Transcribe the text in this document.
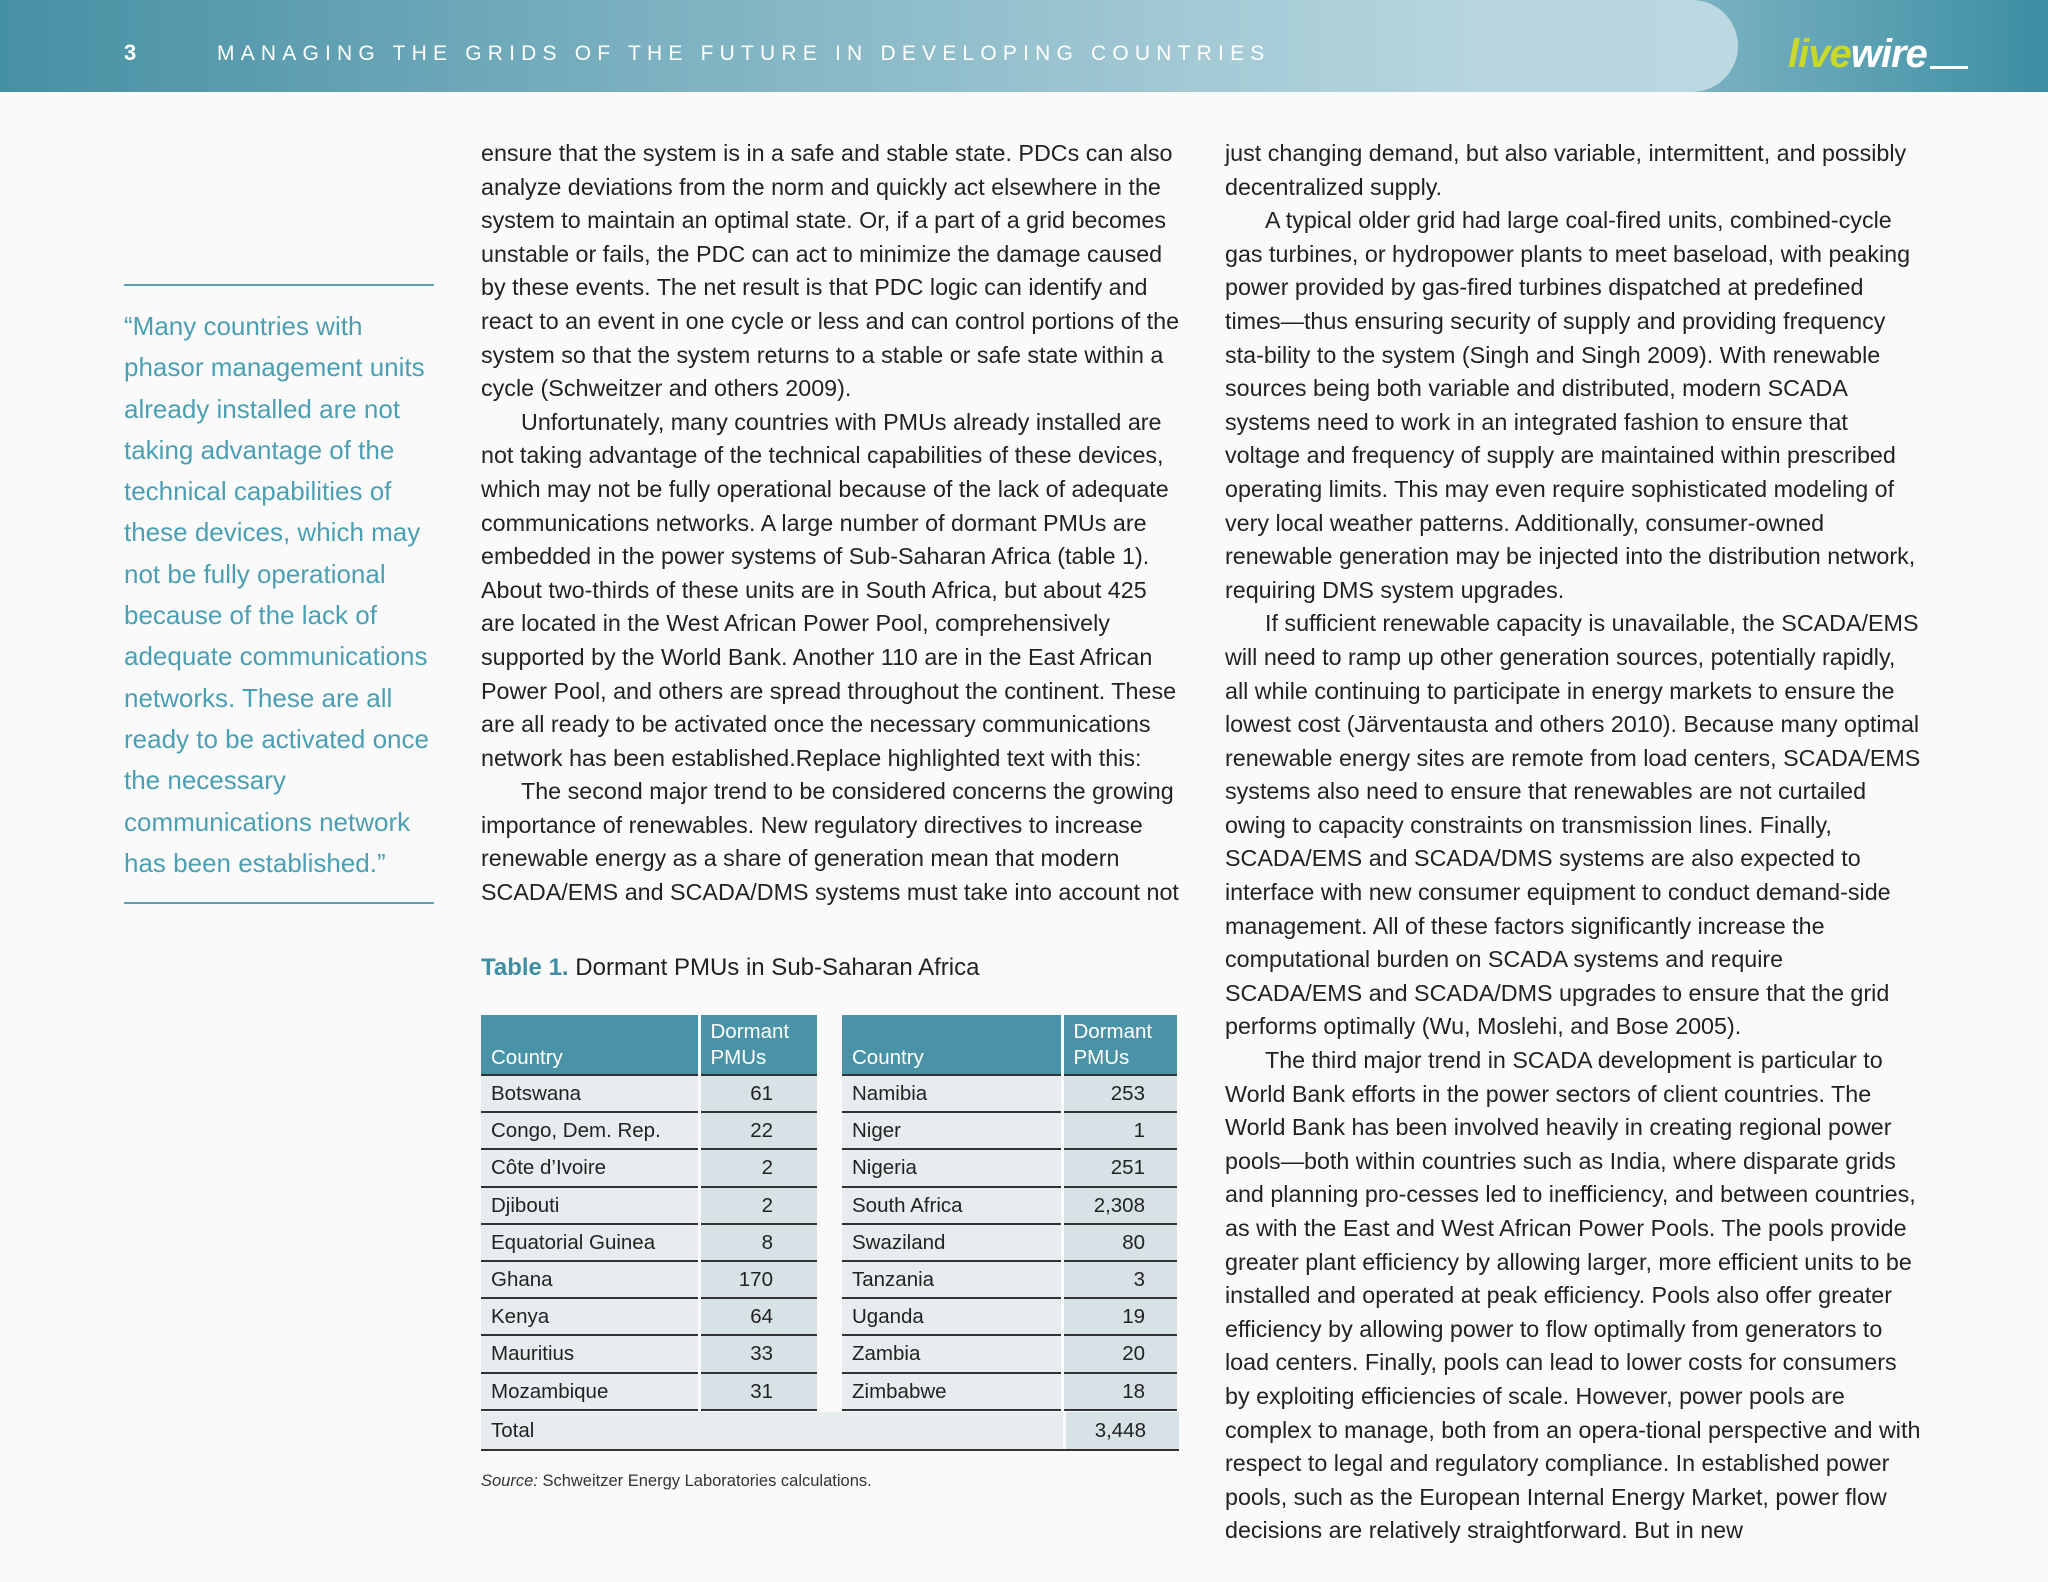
3	MANAGING THE GRIDS OF THE FUTURE IN DEVELOPING COUNTRIES	livewire

“Many countries with phasor management units already installed are not taking advantage of the technical capabilities of these devices, which may not be fully operational because of the lack of adequate communications networks. These are all ready to be activated once the necessary communications network has been established.”

ensure that the system is in a safe and stable state. PDCs can also analyze deviations from the norm and quickly act elsewhere in the system to maintain an optimal state. Or, if a part of a grid becomes unstable or fails, the PDC can act to minimize the damage caused by these events. The net result is that PDC logic can identify and react to an event in one cycle or less and can control portions of the system so that the system returns to a stable or safe state within a cycle (Schweitzer and others 2009).

Unfortunately, many countries with PMUs already installed are not taking advantage of the technical capabilities of these devices, which may not be fully operational because of the lack of adequate communications networks. A large number of dormant PMUs are embedded in the power systems of Sub-Saharan Africa (table 1). About two-thirds of these units are in South Africa, but about 425 are located in the West African Power Pool, comprehensively supported by the World Bank. Another 110 are in the East African Power Pool, and others are spread throughout the continent. These are all ready to be activated once the necessary communications network has been established.Replace highlighted text with this:

The second major trend to be considered concerns the growing importance of renewables. New regulatory directives to increase renewable energy as a share of generation mean that modern SCADA/EMS and SCADA/DMS systems must take into account not

just changing demand, but also variable, intermittent, and possibly decentralized supply.

A typical older grid had large coal-fired units, combined-cycle gas turbines, or hydropower plants to meet baseload, with peaking power provided by gas-fired turbines dispatched at predefined times—thus ensuring security of supply and providing frequency sta-bility to the system (Singh and Singh 2009). With renewable sources being both variable and distributed, modern SCADA systems need to work in an integrated fashion to ensure that voltage and frequency of supply are maintained within prescribed operating limits. This may even require sophisticated modeling of very local weather patterns. Additionally, consumer-owned renewable generation may be injected into the distribution network, requiring DMS system upgrades.

If sufficient renewable capacity is unavailable, the SCADA/EMS will need to ramp up other generation sources, potentially rapidly, all while continuing to participate in energy markets to ensure the lowest cost (Järventausta and others 2010). Because many optimal renewable energy sites are remote from load centers, SCADA/EMS systems also need to ensure that renewables are not curtailed owing to capacity constraints on transmission lines. Finally, SCADA/EMS and SCADA/DMS systems are also expected to interface with new consumer equipment to conduct demand-side management. All of these factors significantly increase the computational burden on SCADA systems and require SCADA/EMS and SCADA/DMS upgrades to ensure that the grid performs optimally (Wu, Moslehi, and Bose 2005).

The third major trend in SCADA development is particular to World Bank efforts in the power sectors of client countries. The World Bank has been involved heavily in creating regional power pools—both within countries such as India, where disparate grids and planning pro-cesses led to inefficiency, and between countries, as with the East and West African Power Pools. The pools provide greater plant efficiency by allowing larger, more efficient units to be installed and operated at peak efficiency. Pools also offer greater efficiency by allowing power to flow optimally from generators to load centers. Finally, pools can lead to lower costs for consumers by exploiting efficiencies of scale. However, power pools are complex to manage, both from an opera-tional perspective and with respect to legal and regulatory compliance. In established power pools, such as the European Internal Energy Market, power flow decisions are relatively straightforward. But in new

Table 1. Dormant PMUs in Sub-Saharan Africa
Country	Dormant
PMUs
Botswana	61
Congo, Dem. Rep.	22
Côte d’Ivoire	2
Djibouti	2
Equatorial Guinea	8
Ghana	170
Kenya	64
Mauritius	33
Mozambique	31
Country	Dormant
PMUs
Namibia	253
Niger	1
Nigeria	251
South Africa	2,308
Swaziland	80
Tanzania	3
Uganda	19
Zambia	20
Zimbabwe	18
Total	3,448
Source: Schweitzer Energy Laboratories calculations.
